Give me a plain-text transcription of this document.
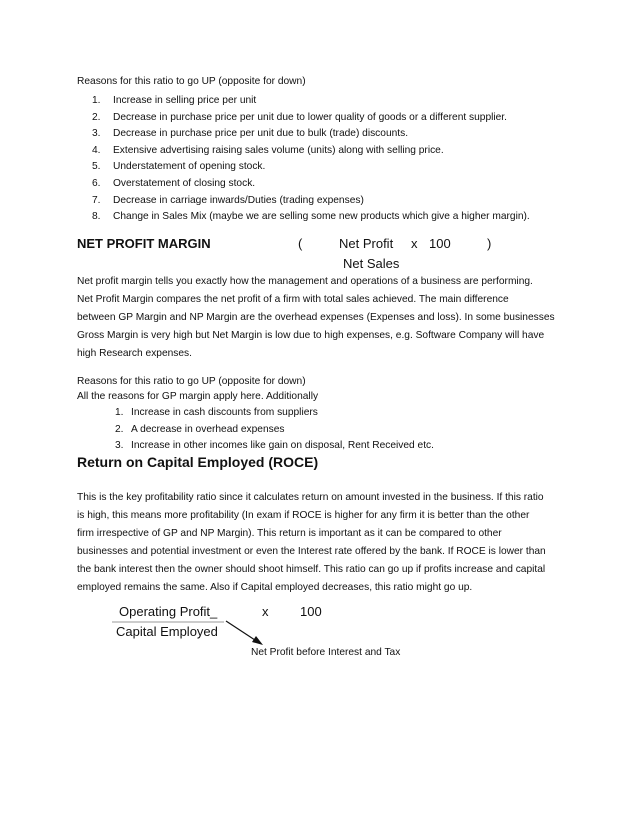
Reasons for this ratio to go UP (opposite for down)
1. Increase in selling price per unit
2. Decrease in purchase price per unit due to lower quality of goods or a different supplier.
3. Decrease in purchase price per unit due to bulk (trade) discounts.
4. Extensive advertising raising sales volume (units) along with selling price.
5. Understatement of opening stock.
6. Overstatement of closing stock.
7. Decrease in carriage inwards/Duties (trading expenses)
8. Change in Sales Mix (maybe we are selling some new products which give a higher margin).
NET PROFIT MARGIN	(	Net Profit x 100	)
Net Sales
Net profit margin tells you exactly how the management and operations of a business are performing.
Net Profit Margin compares the net profit of a firm with total sales achieved. The main difference
between GP Margin and NP Margin are the overhead expenses (Expenses and loss). In some businesses
Gross Margin is very high but Net Margin is low due to high expenses, e.g. Software Company will have
high Research expenses.
Reasons for this ratio to go UP (opposite for down)
All the reasons for GP margin apply here. Additionally
1. Increase in cash discounts from suppliers
2. A decrease in overhead expenses
3. Increase in other incomes like gain on disposal, Rent Received etc.
Return on Capital Employed (ROCE)
This is the key profitability ratio since it calculates return on amount invested in the business. If this ratio
is high, this means more profitability (In exam if ROCE is higher for any firm it is better than the other
firm irrespective of GP and NP Margin). This return is important as it can be compared to other
businesses and potential investment or even the Interest rate offered by the bank. If ROCE is lower than
the bank interest then the owner should shoot himself. This ratio can go up if profits increase and capital
employed remains the same. Also if Capital employed decreases, this ratio might go up.
Operating Profit_	x 100
Capital Employed
Net Profit before Interest and Tax
